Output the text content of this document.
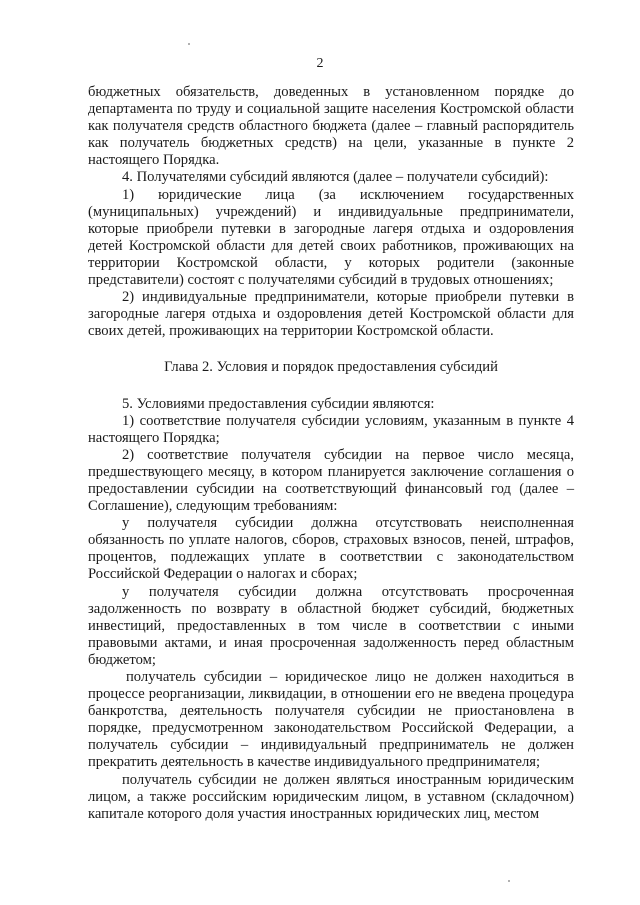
2

бюджетных обязательств, доведенных в установленном порядке до департамента по труду и социальной защите населения Костромской области как получателя средств областного бюджета (далее – главный распорядитель как получатель бюджетных средств) на цели, указанные в пункте 2 настоящего Порядка.

4. Получателями субсидий являются (далее – получатели субсидий):

1) юридические лица (за исключением государственных (муниципальных) учреждений) и индивидуальные предприниматели, которые приобрели путевки в загородные лагеря отдыха и оздоровления детей Костромской области для детей своих работников, проживающих на территории Костромской области, у которых родители (законные представители) состоят с получателями субсидий в трудовых отношениях;

2) индивидуальные предприниматели, которые приобрели путевки в загородные лагеря отдыха и оздоровления детей Костромской области для своих детей, проживающих на территории Костромской области.

Глава 2. Условия и порядок предоставления субсидий

5. Условиями предоставления субсидии являются:

1) соответствие получателя субсидии условиям, указанным в пункте 4 настоящего Порядка;

2) соответствие получателя субсидии на первое число месяца, предшествующего месяцу, в котором планируется заключение соглашения о предоставлении субсидии на соответствующий финансовый год (далее – Соглашение), следующим требованиям:

у получателя субсидии должна отсутствовать неисполненная обязанность по уплате налогов, сборов, страховых взносов, пеней, штрафов, процентов, подлежащих уплате в соответствии с законодательством Российской Федерации о налогах и сборах;

у получателя субсидии должна отсутствовать просроченная задолженность по возврату в областной бюджет субсидий, бюджетных инвестиций, предоставленных в том числе в соответствии с иными правовыми актами, и иная просроченная задолженность перед областным бюджетом;

получатель субсидии – юридическое лицо не должен находиться в процессе реорганизации, ликвидации, в отношении его не введена процедура банкротства, деятельность получателя субсидии не приостановлена в порядке, предусмотренном законодательством Российской Федерации, а получатель субсидии – индивидуальный предприниматель не должен прекратить деятельность в качестве индивидуального предпринимателя;

получатель субсидии не должен являться иностранным юридическим лицом, а также российским юридическим лицом, в уставном (складочном) капитале которого доля участия иностранных юридических лиц, местом
